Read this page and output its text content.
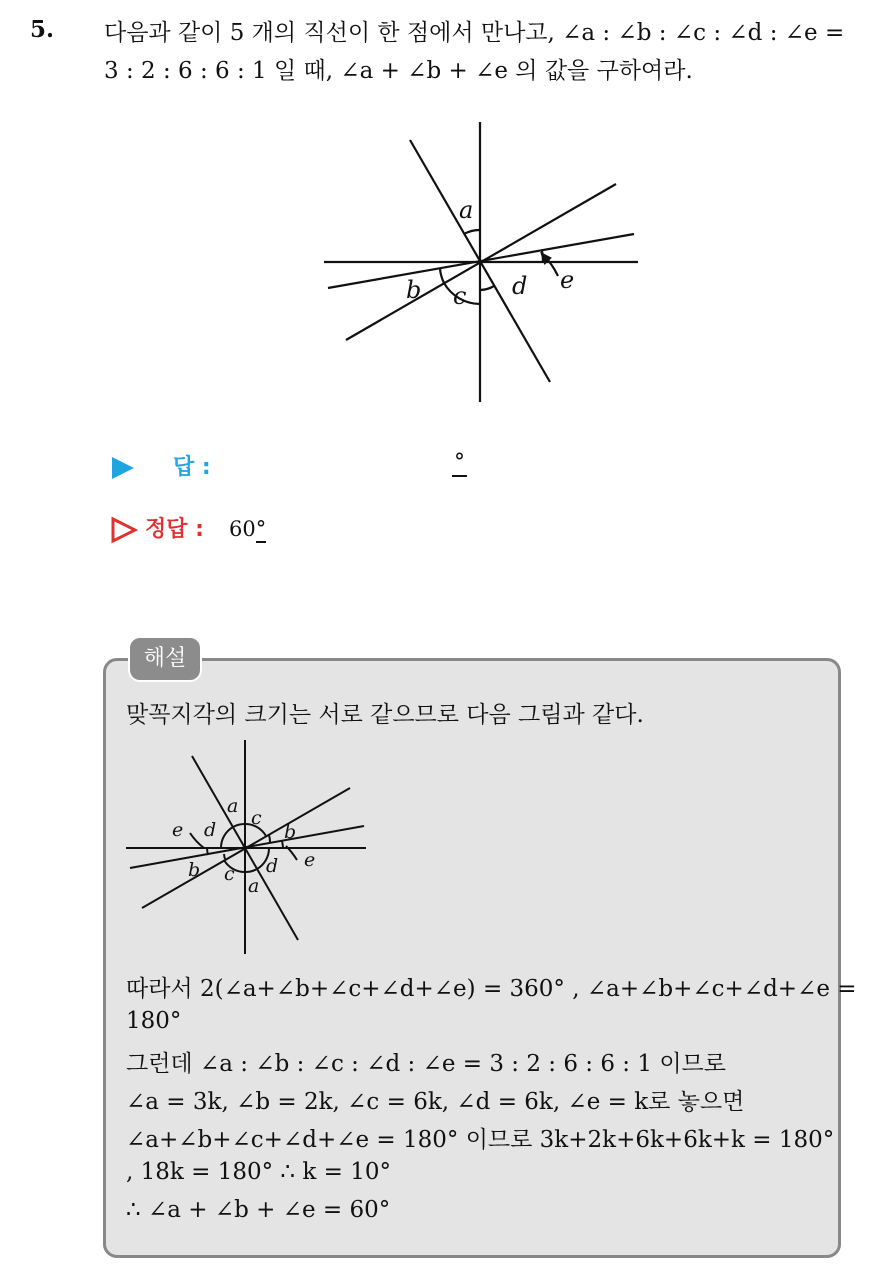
5. 다음과 같이 5 개의 직선이 한 점에서 만나고, ∠a : ∠b : ∠c : ∠d : ∠e =
3 : 2 : 6 : 6 : 1 일 때, ∠a + ∠b + ∠e 의 값을 구하여라.
a
b c d e
답 :	°
정답 : 60°
해설
맞꼭지각의 크기는 서로 같으므로 다음 그림과 같다.
a
c
b
e d
b c
a
d e
따라서 2(∠a+∠b+∠c+∠d+∠e) = 360° , ∠a+∠b+∠c+∠d+∠e =
180°
그런데 ∠a : ∠b : ∠c : ∠d : ∠e = 3 : 2 : 6 : 6 : 1 이므로
∠a = 3k, ∠b = 2k, ∠c = 6k, ∠d = 6k, ∠e = k로 놓으면
∠a+∠b+∠c+∠d+∠e = 180° 이므로 3k+2k+6k+6k+k = 180°
, 18k = 180° ∴ k = 10°
∴ ∠a + ∠b + ∠e = 60°
